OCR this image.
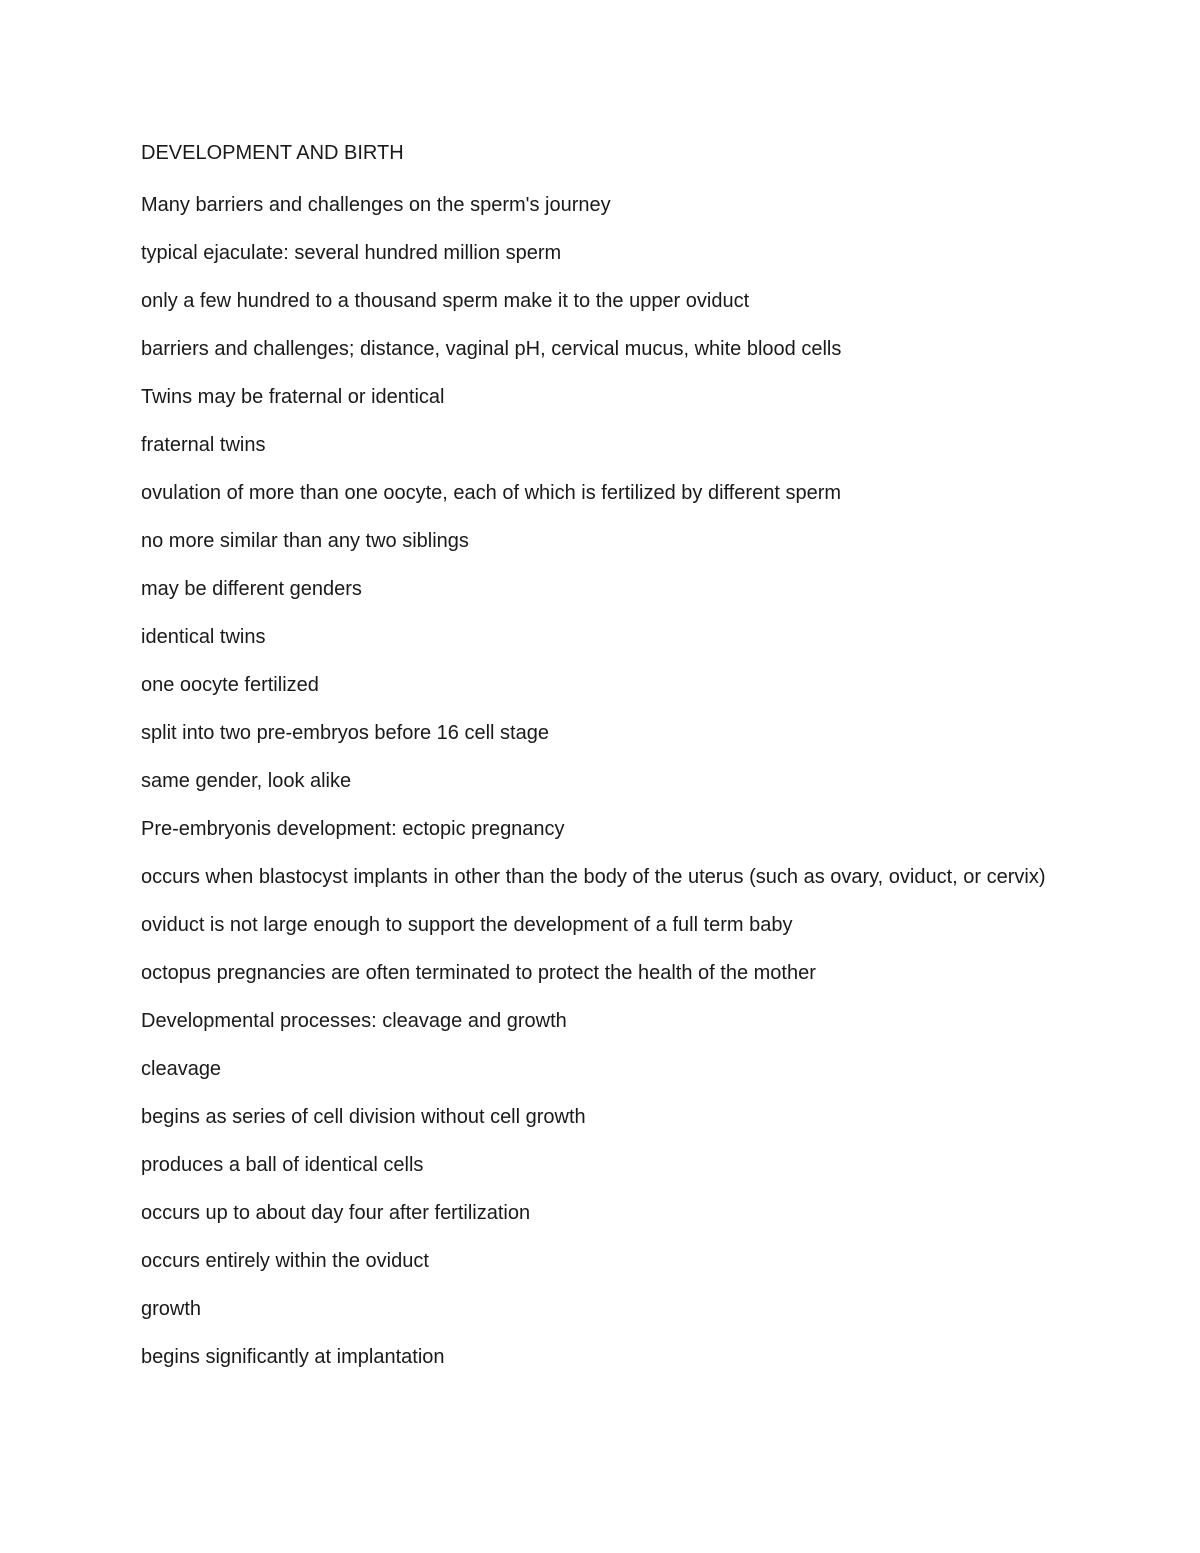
DEVELOPMENT AND BIRTH

Many barriers and challenges on the sperm's journey

typical ejaculate: several hundred million sperm

only a few hundred to a thousand sperm make it to the upper oviduct

barriers and challenges; distance, vaginal pH, cervical mucus, white blood cells

Twins may be fraternal or identical

fraternal twins

ovulation of more than one oocyte, each of which is fertilized by different sperm

no more similar than any two siblings

may be different genders

identical twins

one oocyte fertilized

split into two pre-embryos before 16 cell stage

same gender, look alike

Pre-embryonis development: ectopic pregnancy

occurs when blastocyst implants in other than the body of the uterus (such as ovary, oviduct, or cervix)

oviduct is not large enough to support the development of a full term baby

octopus pregnancies are often terminated to protect the health of the mother

Developmental processes: cleavage and growth

cleavage

begins as series of cell division without cell growth

produces a ball of identical cells

occurs up to about day four after fertilization

occurs entirely within the oviduct

growth

begins significantly at implantation
